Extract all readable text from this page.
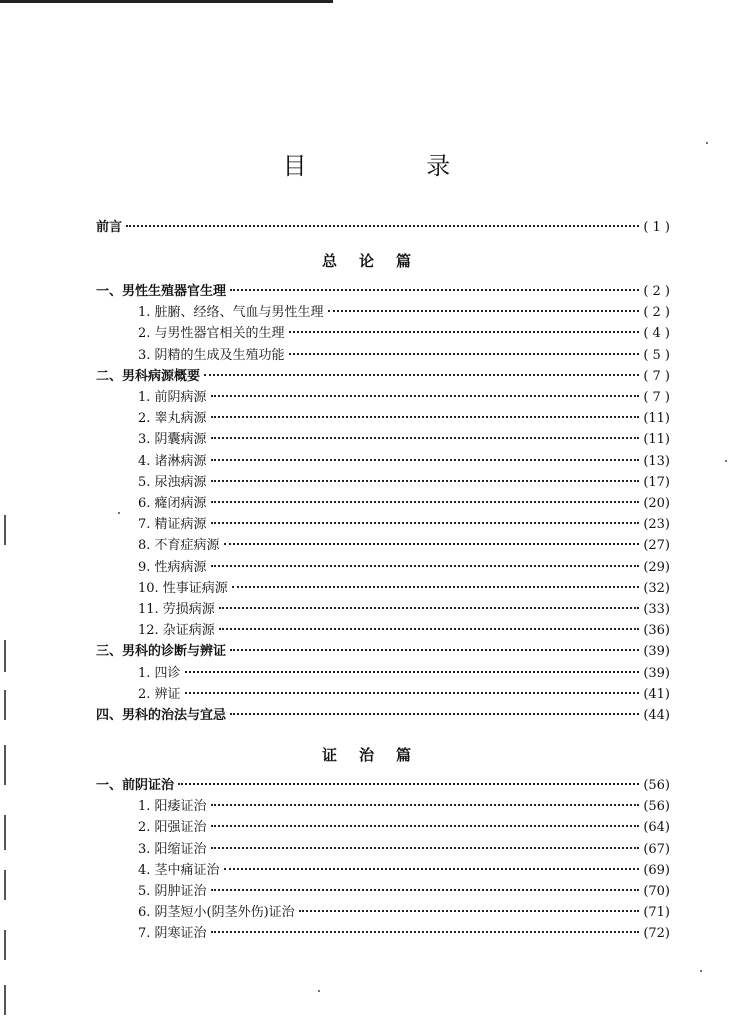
目 录
前言	( 1 )
总论篇
一、男性生殖器官生理	( 2 )
1. 脏腑、经络、气血与男性生理	( 2 )
2. 与男性器官相关的生理	( 4 )
3. 阴精的生成及生殖功能	( 5 )
二、男科病源概要	( 7 )
1. 前阴病源	( 7 )
2. 睾丸病源	(11)
3. 阴囊病源	(11)
4. 诸淋病源	(13)
5. 尿浊病源	(17)
6. 癃闭病源	(20)
7. 精证病源	(23)
8. 不育症病源	(27)
9. 性病病源	(29)
10. 性事证病源	(32)
11. 劳损病源	(33)
12. 杂证病源	(36)
三、男科的诊断与辨证	(39)
1. 四诊	(39)
2. 辨证	(41)
四、男科的治法与宜忌	(44)
证治篇
一、前阴证治	(56)
1. 阳痿证治	(56)
2. 阳强证治	(64)
3. 阳缩证治	(67)
4. 茎中痛证治	(69)
5. 阴肿证治	(70)
6. 阴茎短小(阴茎外伤)证治	(71)
7. 阴寒证治	(72)
